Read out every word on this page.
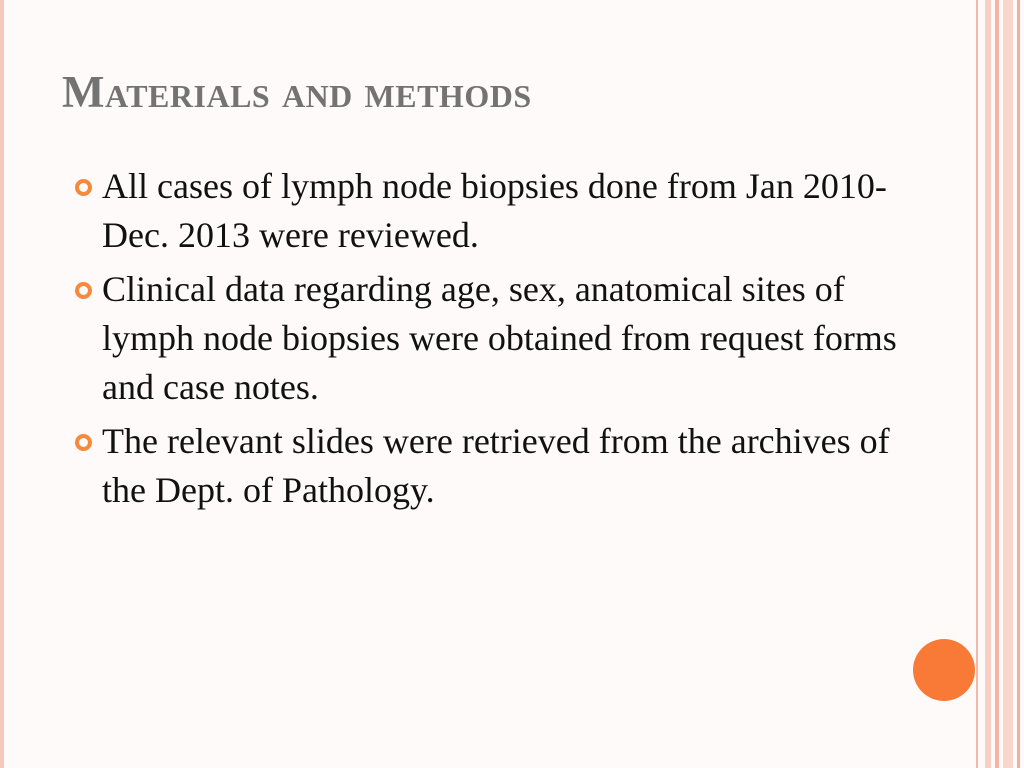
Materials and methods
All cases of lymph node biopsies done from Jan 2010-Dec. 2013 were reviewed.
Clinical data regarding age, sex, anatomical sites of lymph node biopsies were obtained from request forms and case notes.
The relevant slides were retrieved from the archives of the Dept. of Pathology.
